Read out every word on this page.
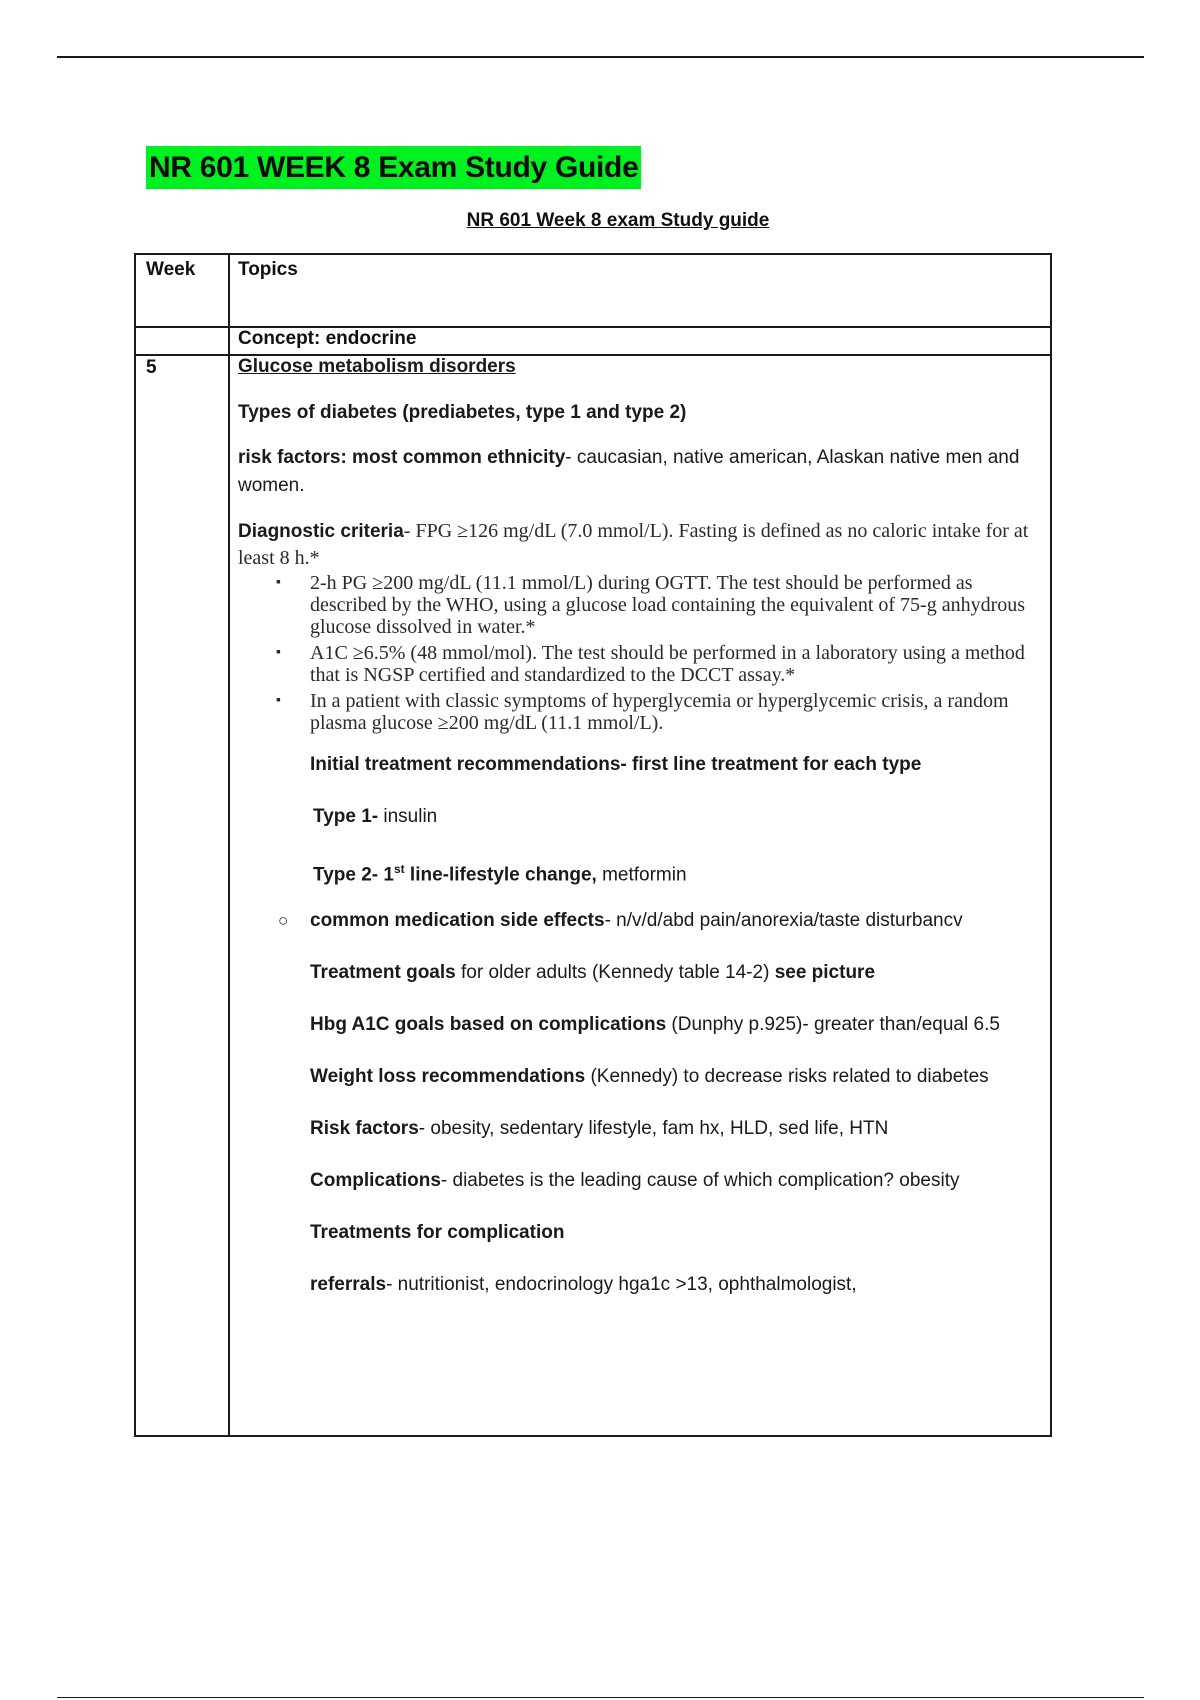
NR 601 WEEK 8 Exam Study Guide
NR 601 Week 8 exam Study guide
Week Topics
Concept: endocrine
5	Glucose metabolism disorders
Types of diabetes (prediabetes, type 1 and type 2)
risk factors: most common ethnicity- caucasian, native american, Alaskan native men and women.
Diagnostic criteria- FPG ≥126 mg/dL (7.0 mmol/L). Fasting is defined as no caloric intake for at least 8 h.*
▪ 2-h PG ≥200 mg/dL (11.1 mmol/L) during OGTT. The test should be performed as described by the WHO, using a glucose load containing the equivalent of 75-g anhydrous glucose dissolved in water.*
▪ A1C ≥6.5% (48 mmol/mol). The test should be performed in a laboratory using a method that is NGSP certified and standardized to the DCCT assay.*
▪ In a patient with classic symptoms of hyperglycemia or hyperglycemic crisis, a random plasma glucose ≥200 mg/dL (11.1 mmol/L).
Initial treatment recommendations- first line treatment for each type
Type 1- insulin
Type 2- 1st line-lifestyle change, metformin
○ common medication side effects- n/v/d/abd pain/anorexia/taste disturbancv
Treatment goals for older adults (Kennedy table 14-2) see picture
Hbg A1C goals based on complications (Dunphy p.925)- greater than/equal 6.5
Weight loss recommendations (Kennedy) to decrease risks related to diabetes
Risk factors- obesity, sedentary lifestyle, fam hx, HLD, sed life, HTN
Complications- diabetes is the leading cause of which complication? obesity
Treatments for complication
referrals- nutritionist, endocrinology hga1c >13, ophthalmologist,
